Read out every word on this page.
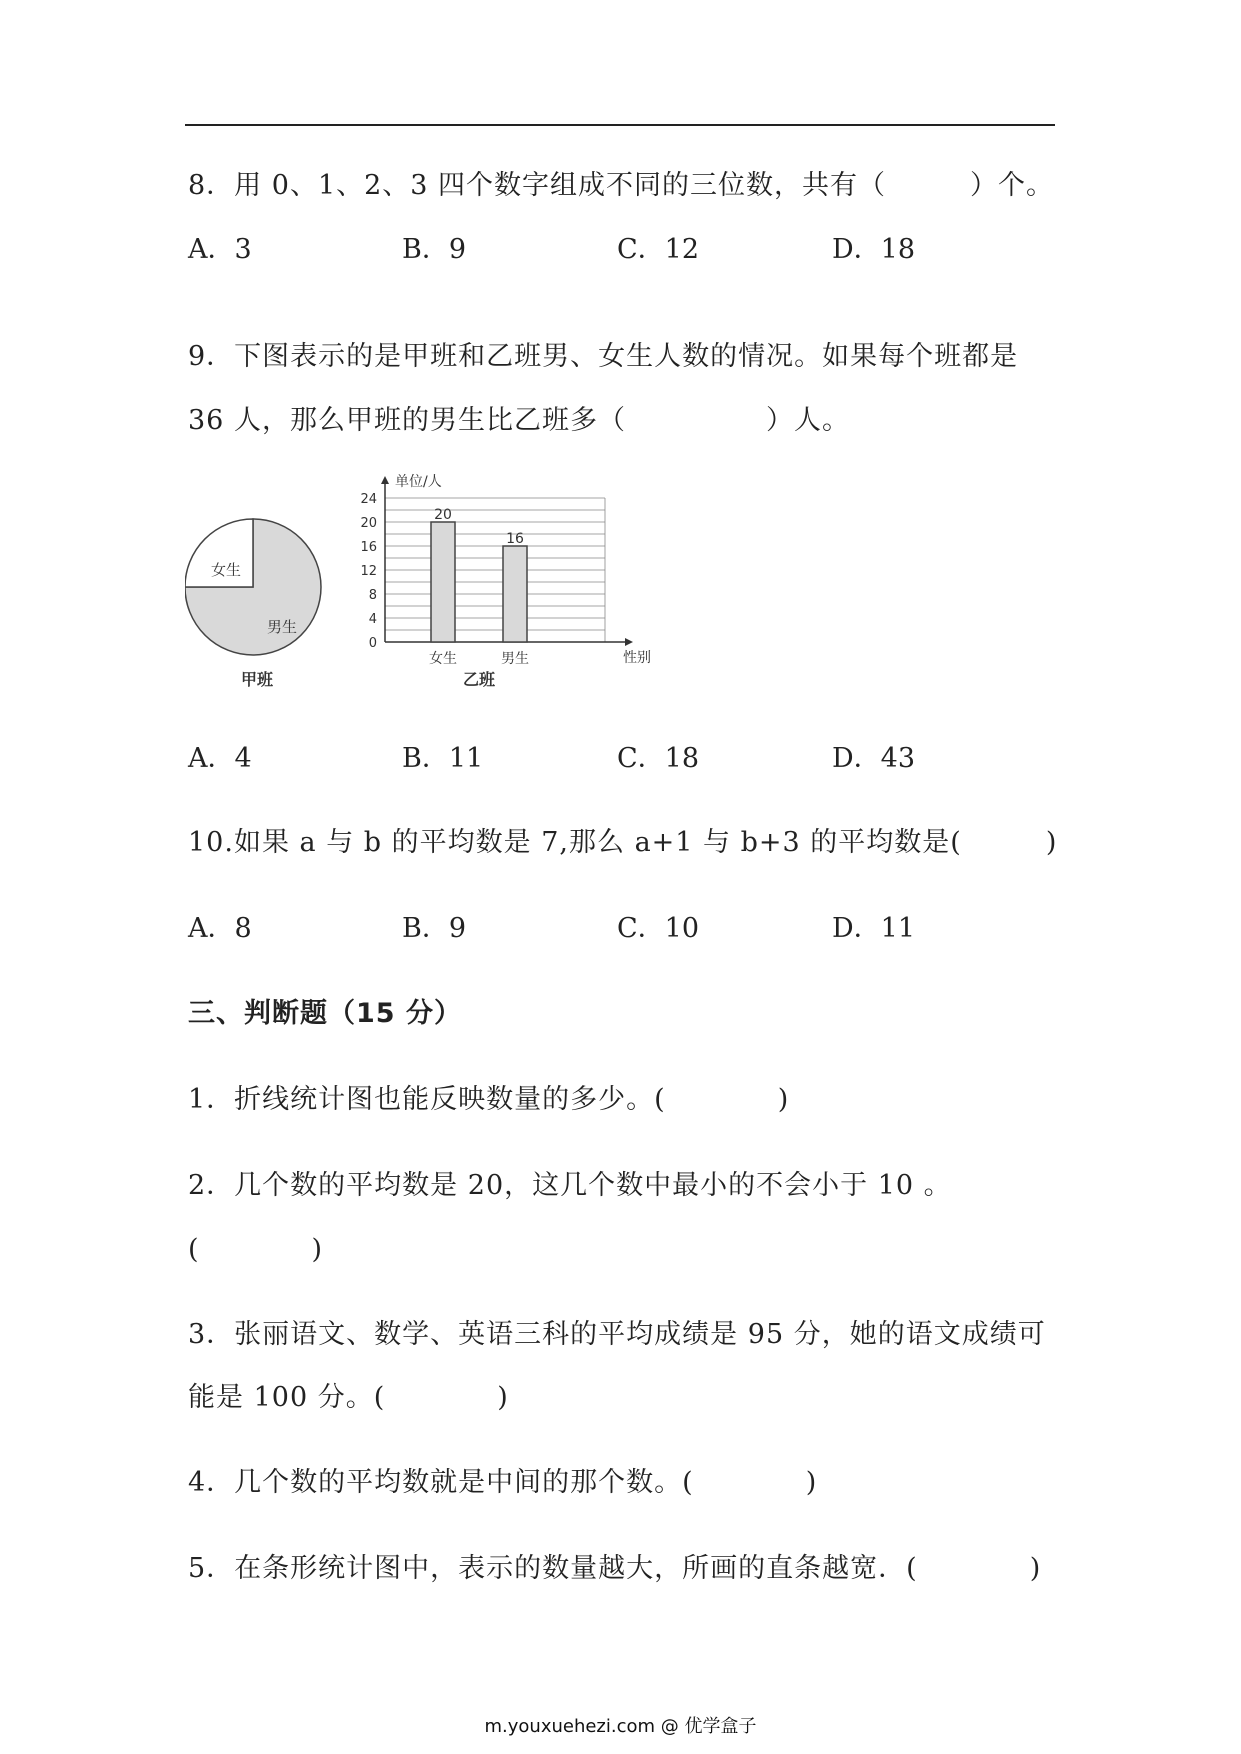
8．用 0、1、2、3 四个数字组成不同的三位数，共有（　　　）个。
A．3	B．9	C．12	D．18
9．下图表示的是甲班和乙班男、女生人数的情况。如果每个班都是
36 人，那么甲班的男生比乙班多（　　　　　）人。
女生
男生
甲班
0
4
8
12
16
20
24
单位/人
性别
20
女生
16
男生
乙班
A．4	B．11	C．18	D．43
10.如果 a 与 b 的平均数是 7,那么 a+1 与 b+3 的平均数是(　　　)
A．8	B．9	C．10	D．11
三、判断题（15 分）
1．折线统计图也能反映数量的多少。(　　　　)
2．几个数的平均数是 20，这几个数中最小的不会小于 10 。
(　　　　)
3．张丽语文、数学、英语三科的平均成绩是 95 分，她的语文成绩可
能是 100 分。(　　　　)
4．几个数的平均数就是中间的那个数。(　　　　)
5．在条形统计图中，表示的数量越大，所画的直条越宽．(　　　　)
m.youxuehezi.com @ 优学盒子
